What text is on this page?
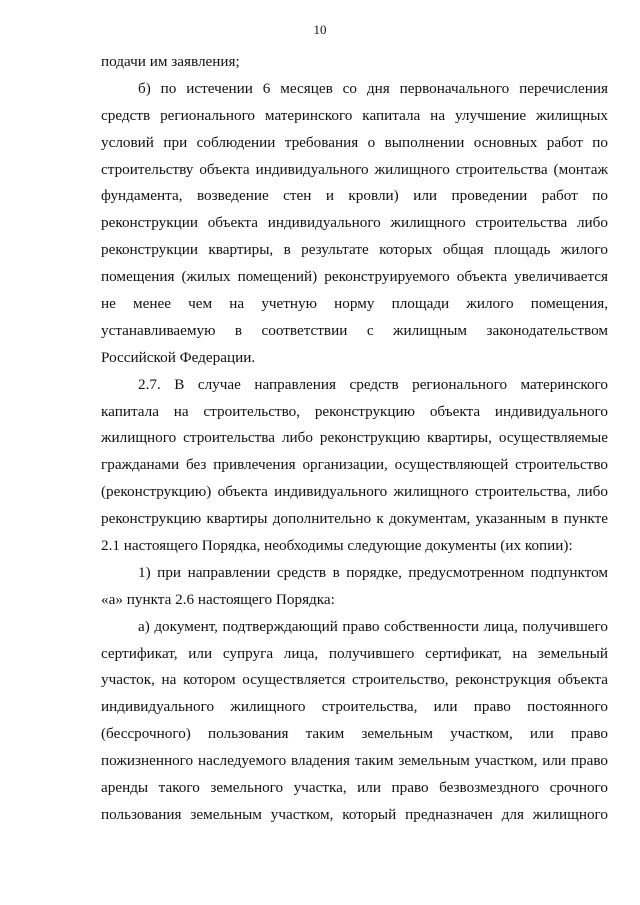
10
подачи им заявления;
б) по истечении 6 месяцев со дня первоначального перечисления
средств регионального материнского капитала на улучшение жилищных
условий при соблюдении требования о выполнении основных работ по
строительству объекта индивидуального жилищного строительства (монтаж
фундамента, возведение стен и кровли) или проведении работ по
реконструкции объекта индивидуального жилищного строительства либо
реконструкции квартиры, в результате которых общая площадь жилого
помещения (жилых помещений) реконструируемого объекта увеличивается
не менее чем на учетную норму площади жилого помещения,
устанавливаемую в соответствии с жилищным законодательством
Российской Федерации.
2.7. В случае направления средств регионального материнского
капитала на строительство, реконструкцию объекта индивидуального
жилищного строительства либо реконструкцию квартиры, осуществляемые
гражданами без привлечения организации, осуществляющей строительство
(реконструкцию) объекта индивидуального жилищного строительства, либо
реконструкцию квартиры дополнительно к документам, указанным в пункте
2.1 настоящего Порядка, необходимы следующие документы (их копии):
1) при направлении средств в порядке, предусмотренном подпунктом
«а» пункта 2.6 настоящего Порядка:
а) документ, подтверждающий право собственности лица, получившего
сертификат, или супруга лица, получившего сертификат, на земельный
участок, на котором осуществляется строительство, реконструкция объекта
индивидуального жилищного строительства, или право постоянного
(бессрочного) пользования таким земельным участком, или право
пожизненного наследуемого владения таким земельным участком, или право
аренды такого земельного участка, или право безвозмездного срочного
пользования земельным участком, который предназначен для жилищного
